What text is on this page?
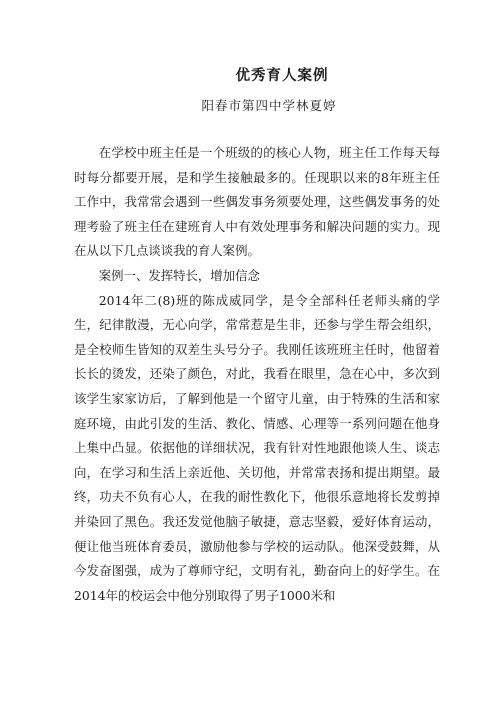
优秀育人案例
阳春市第四中学林夏婷

在学校中班主任是一个班级的的核心人物，班主任工作每天每时每分都要开展，是和学生接触最多的。任现职以来的8年班主任工作中，我常常会遇到一些偶发事务须要处理，这些偶发事务的处理考验了班主任在建班育人中有效处理事务和解决问题的实力。现在从以下几点谈谈我的育人案例。

案例一、发挥特长，增加信念

2014年二(8)班的陈成威同学，是令全部科任老师头痛的学生，纪律散漫，无心向学，常常惹是生非，还参与学生帮会组织，是全校师生皆知的双差生头号分子。我刚任该班班主任时，他留着长长的烫发，还染了颜色，对此，我看在眼里，急在心中，多次到该学生家家访后，了解到他是一个留守儿童，由于特殊的生活和家庭环境，由此引发的生活、教化、情感、心理等一系列问题在他身上集中凸显。依据他的详细状况，我有针对性地跟他谈人生、谈志向，在学习和生活上亲近他、关切他，并常常表扬和提出期望。最终，功夫不负有心人，在我的耐性教化下，他很乐意地将长发剪掉并染回了黑色。我还发觉他脑子敏捷，意志坚毅，爱好体育运动，便让他当班体育委员，激励他参与学校的运动队。他深受鼓舞，从今发奋图强，成为了尊师守纪，文明有礼，勤奋向上的好学生。在2014年的校运会中他分别取得了男子1000米和
